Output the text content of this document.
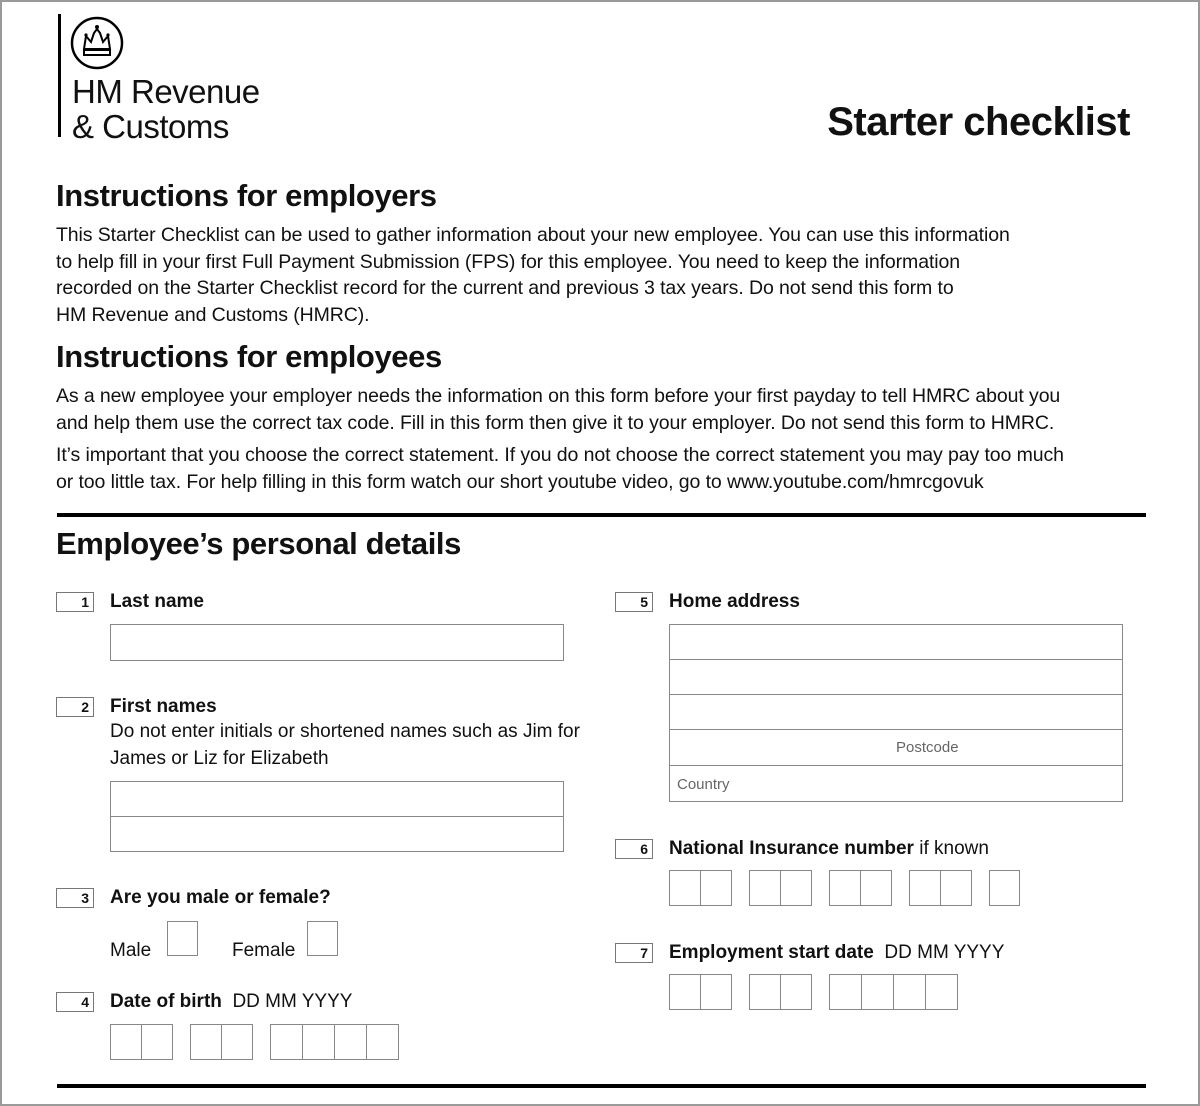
HM Revenue
& Customs	Starter checklist
Instructions for employers
This Starter Checklist can be used to gather information about your new employee. You can use this information
to help fill in your first Full Payment Submission (FPS) for this employee. You need to keep the information
recorded on the Starter Checklist record for the current and previous 3 tax years. Do not send this form to
HM Revenue and Customs (HMRC).
Instructions for employees
As a new employee your employer needs the information on this form before your first payday to tell HMRC about you
and help them use the correct tax code. Fill in this form then give it to your employer. Do not send this form to HMRC.
It’s important that you choose the correct statement. If you do not choose the correct statement you may pay too much
or too little tax. For help filling in this form watch our short youtube video, go to www.youtube.com/hmrcgovuk
Employee’s personal details
1 Last name
2 First names
Do not enter initials or shortened names such as Jim for
James or Liz for Elizabeth
3 Are you male or female?
Male	Female
4 Date of birth DD MM YYYY
5 Home address
Postcode
Country
6 National Insurance number if known
7 Employment start date DD MM YYYY
